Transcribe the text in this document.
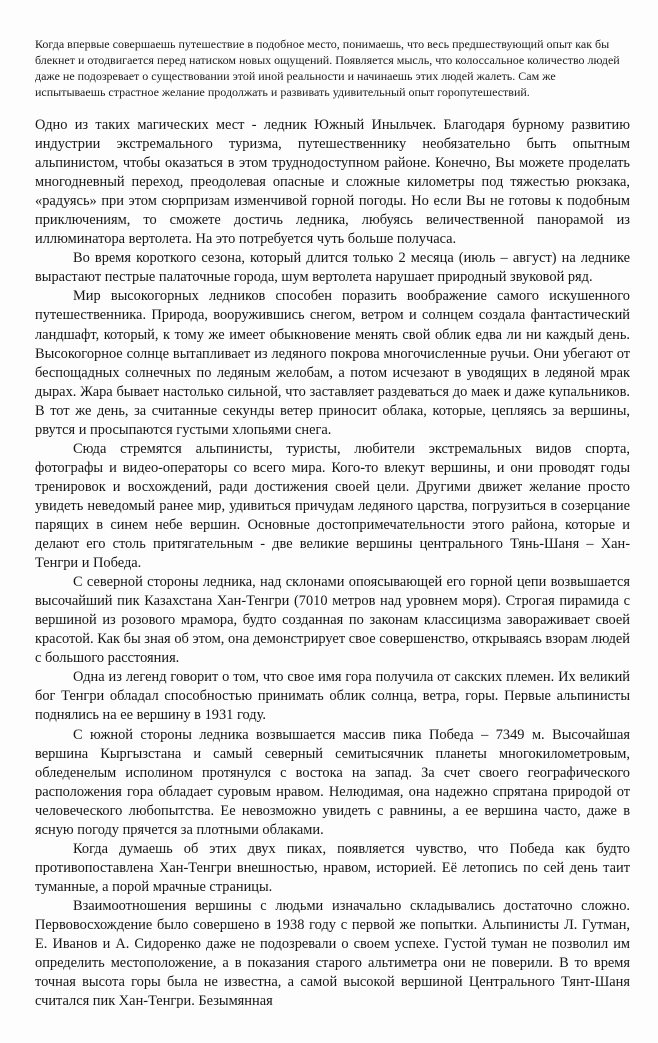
Когда впервые совершаешь путешествие в подобное место, понимаешь, что весь предшествующий опыт как бы блекнет и отодвигается перед натиском новых ощущений. Появляется мысль, что колоссальное количество людей даже не подозревает о существовании этой иной реальности и начинаешь этих людей жалеть. Сам же испытываешь страстное желание продолжать и развивать удивительный опыт горопутешествий.

Одно из таких магических мест - ледник Южный Иныльчек. Благодаря бурному развитию индустрии экстремального туризма, путешественнику необязательно быть опытным альпинистом, чтобы оказаться в этом труднодоступном районе. Конечно, Вы можете проделать многодневный переход, преодолевая опасные и сложные километры под тяжестью рюкзака, «радуясь» при этом сюрпризам изменчивой горной погоды. Но если Вы не готовы к подобным приключениям, то сможете достичь ледника, любуясь величественной панорамой из иллюминатора вертолета. На это потребуется чуть больше получаса.

Во время короткого сезона, который длится только 2 месяца (июль – август) на леднике вырастают пестрые палаточные города, шум вертолета нарушает природный звуковой ряд.

Мир высокогорных ледников способен поразить воображение самого искушенного путешественника. Природа, вооружившись снегом, ветром и солнцем создала фантастический ландшафт, который, к тому же имеет обыкновение менять свой облик едва ли ни каждый день. Высокогорное солнце вытапливает из ледяного покрова многочисленные ручьи. Они убегают от беспощадных солнечных по ледяным желобам, а потом исчезают в уводящих в ледяной мрак дырах. Жара бывает настолько сильной, что заставляет раздеваться до маек и даже купальников. В тот же день, за считанные секунды ветер приносит облака, которые, цепляясь за вершины, рвутся и просыпаются густыми хлопьями снега.

Сюда стремятся альпинисты, туристы, любители экстремальных видов спорта, фотографы и видео-операторы со всего мира. Кого-то влекут вершины, и они проводят годы тренировок и восхождений, ради достижения своей цели. Другими движет желание просто увидеть неведомый ранее мир, удивиться причудам ледяного царства, погрузиться в созерцание парящих в синем небе вершин. Основные достопримечательности этого района, которые и делают его столь притягательным - две великие вершины центрального Тянь-Шаня – Хан-Тенгри и Победа.

С северной стороны ледника, над склонами опоясывающей его горной цепи возвышается высочайший пик Казахстана Хан-Тенгри (7010 метров над уровнем моря). Строгая пирамида с вершиной из розового мрамора, будто созданная по законам классицизма завораживает своей красотой. Как бы зная об этом, она демонстрирует свое совершенство, открываясь взорам людей с большого расстояния.

Одна из легенд говорит о том, что свое имя гора получила от сакских племен. Их великий бог Тенгри обладал способностью принимать облик солнца, ветра, горы. Первые альпинисты поднялись на ее вершину в 1931 году.

С южной стороны ледника возвышается массив пика Победа – 7349 м. Высочайшая вершина Кыргызстана и самый северный семитысячник планеты многокилометровым, обледенелым исполином протянулся с востока на запад. За счет своего географического расположения гора обладает суровым нравом. Нелюдимая, она надежно спрятана природой от человеческого любопытства. Ее невозможно увидеть с равнины, а ее вершина часто, даже в ясную погоду прячется за плотными облаками.

Когда думаешь об этих двух пиках, появляется чувство, что Победа как будто противопоставлена Хан-Тенгри внешностью, нравом, историей. Её летопись по сей день таит туманные, а порой мрачные страницы.

Взаимоотношения вершины с людьми изначально складывались достаточно сложно. Первовосхождение было совершено в 1938 году с первой же попытки. Альпинисты Л. Гутман, Е. Иванов и А. Сидоренко даже не подозревали о своем успехе. Густой туман не позволил им определить местоположение, а в показания старого альтиметра они не поверили. В то время точная высота горы была не известна, а самой высокой вершиной Центрального Тянт-Шаня считался пик Хан-Тенгри. Безымянная
